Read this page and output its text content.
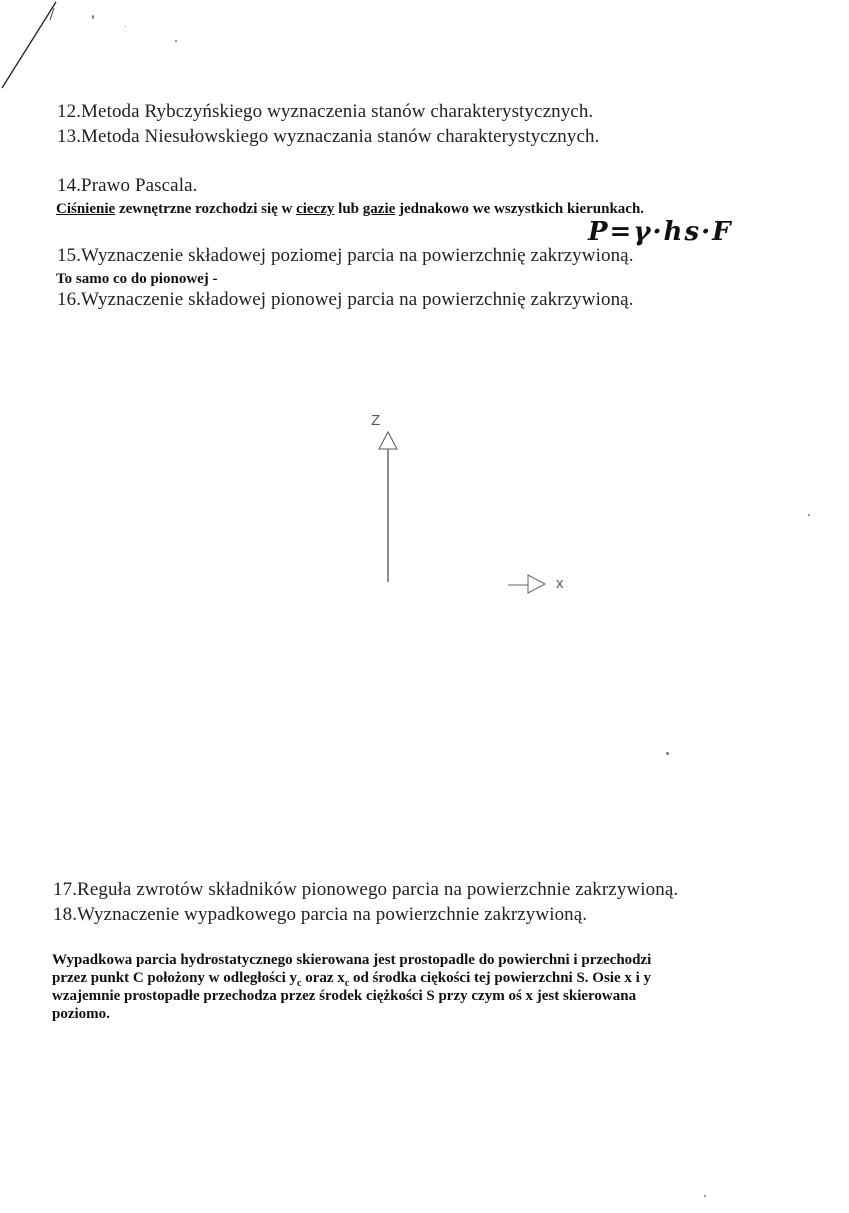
12.Metoda Rybczyńskiego wyznaczenia stanów charakterystycznych.
13.Metoda Niesułowskiego wyznaczania stanów charakterystycznych.
14.Prawo Pascala.
Ciśnienie zewnętrzne rozchodzi się w cieczy lub gazie jednakowo we wszystkich kierunkach.
P=γ·hs·F
15.Wyznaczenie składowej poziomej parcia na powierzchnię zakrzywioną.
To samo co do pionowej -
16.Wyznaczenie składowej pionowej parcia na powierzchnię zakrzywioną.
Z
x
17.Reguła zwrotów składników pionowego parcia na powierzchnie zakrzywioną.
18.Wyznaczenie wypadkowego parcia na powierzchnie zakrzywioną.

Wypadkowa parcia hydrostatycznego skierowana jest prostopadle do powierchni i przechodzi

przez punkt C położony w odległości $y_c$ oraz $x_c$ od środka ciękości tej powierzchni S. Osie x i y

wzajemnie prostopadłe przechodza przez środek ciężkości S przy czym oś x jest skierowana

poziomo.
